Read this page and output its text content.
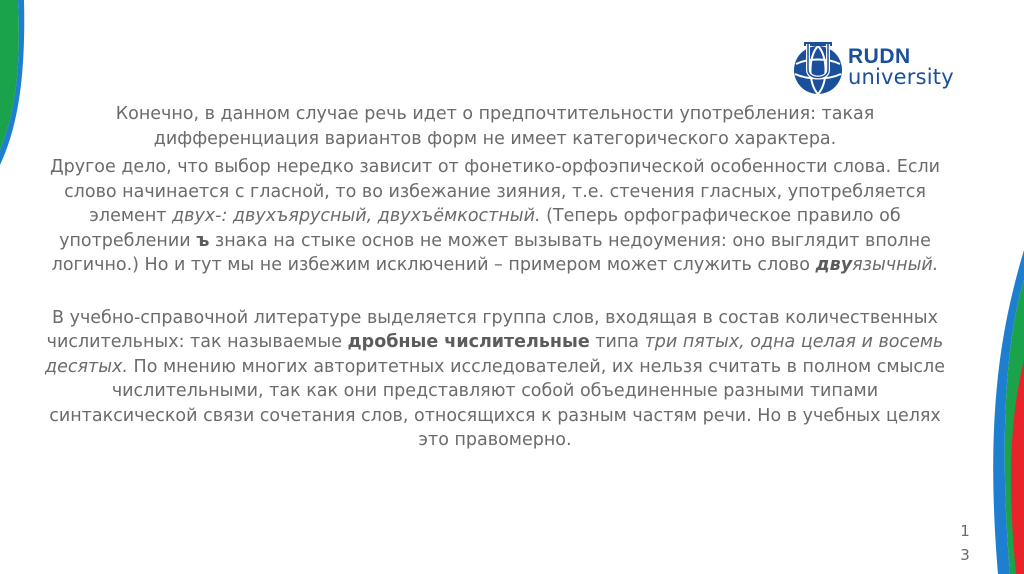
RUDN
university

Конечно, в данном случае речь идет о предпочтительности употребления: такая дифференциация вариантов форм не имеет категорического характера.

Другое дело, что выбор нередко зависит от фонетико-орфоэпической особенности слова. Если слово начинается с гласной, то во избежание зияния, т.е. стечения гласных, употребляется элемент двух-: двухъярусный, двухъёмкостный. (Теперь орфографическое правило об употреблении ъ знака на стыке основ не может вызывать недоумения: оно выглядит вполне логично.) Но и тут мы не избежим исключений – примером может служить слово двуязычный.

В учебно-справочной литературе выделяется группа слов, входящая в состав количественных числительных: так называемые дробные числительные типа три пятых, одна целая и восемь десятых. По мнению многих авторитетных исследователей, их нельзя считать в полном смысле числительными, так как они представляют собой объединенные разными типами синтаксической связи сочетания слов, относящихся к разным частям речи. Но в учебных целях это правомерно.

1
3
